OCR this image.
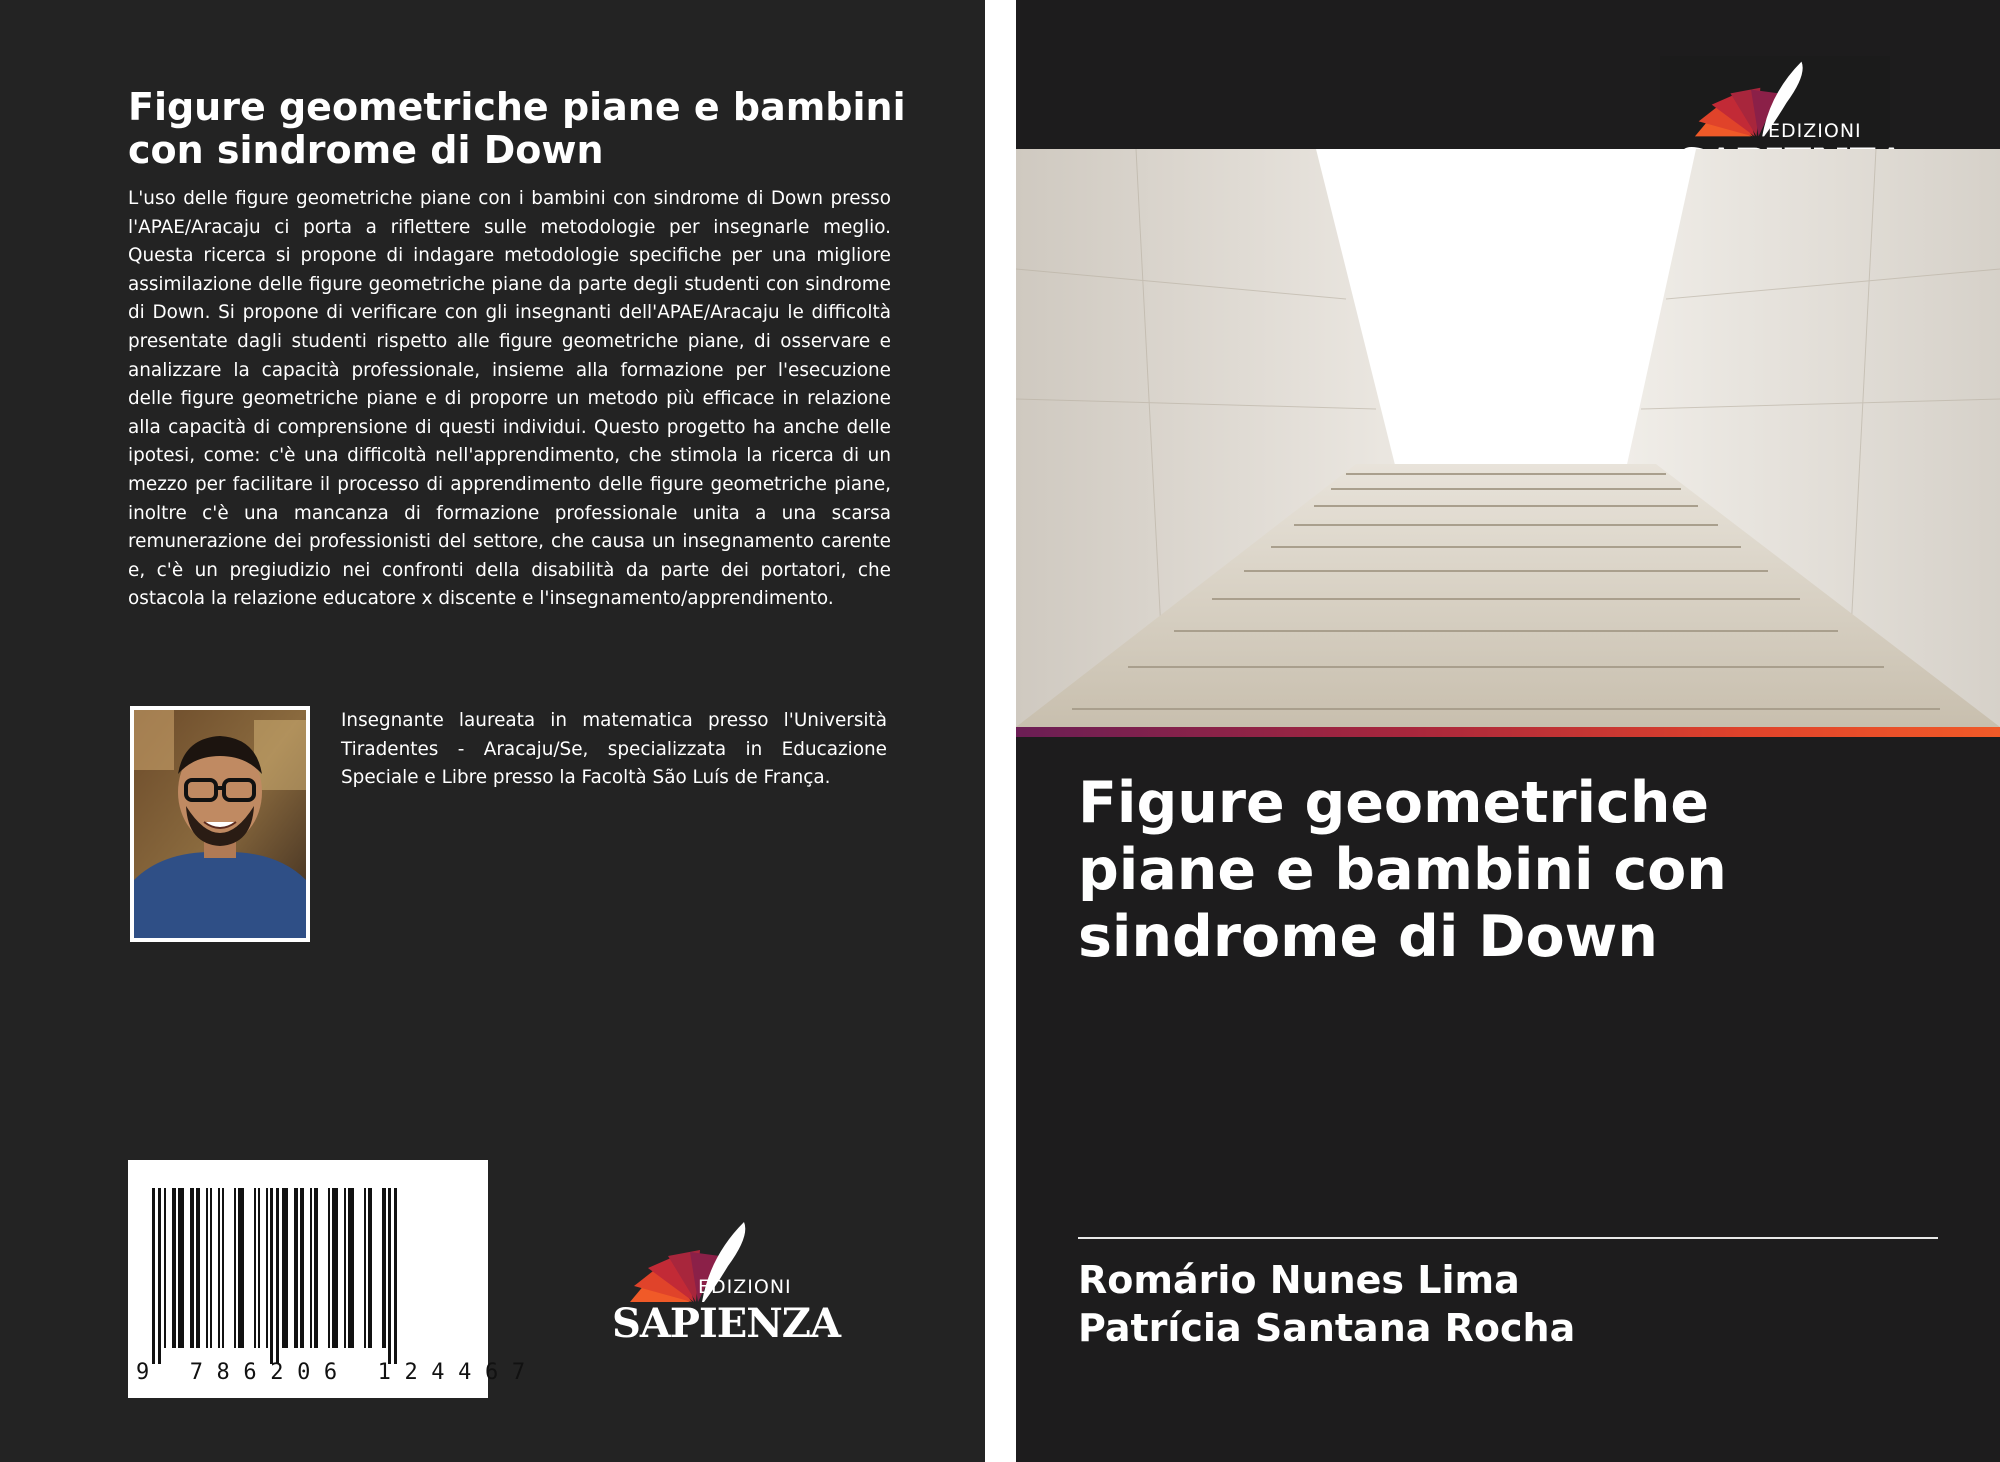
Figure geometriche piane e bambini con sindrome di Down

L'uso delle figure geometriche piane con i bambini con sindrome di Down presso l'APAE/Aracaju ci porta a riflettere sulle metodologie per insegnarle meglio. Questa ricerca si propone di indagare metodologie specifiche per una migliore assimilazione delle figure geometriche piane da parte degli studenti con sindrome di Down. Si propone di verificare con gli insegnanti dell'APAE/Aracaju le difficoltà presentate dagli studenti rispetto alle figure geometriche piane, di osservare e analizzare la capacità professionale, insieme alla formazione per l'esecuzione delle figure geometriche piane e di proporre un metodo più efficace in relazione alla capacità di comprensione di questi individui. Questo progetto ha anche delle ipotesi, come: c'è una difficoltà nell'apprendimento, che stimola la ricerca di un mezzo per facilitare il processo di apprendimento delle figure geometriche piane, inoltre c'è una mancanza di formazione professionale unita a una scarsa remunerazione dei professionisti del settore, che causa un insegnamento carente e, c'è un pregiudizio nei confronti della disabilità da parte dei portatori, che ostacola la relazione educatore x discente e l'insegnamento/apprendimento.

Insegnante laureata in matematica presso l'Università Tiradentes - Aracaju/Se, specializzata in Educazione Speciale e Libre presso la Facoltà São Luís de França.

9 786206 124467
EDIZIONI
SAPIENZA
EDIZIONI
Figure geometriche
piane e bambini con
sindrome di Down

Romário Nunes Lima

Patrícia Santana Rocha
